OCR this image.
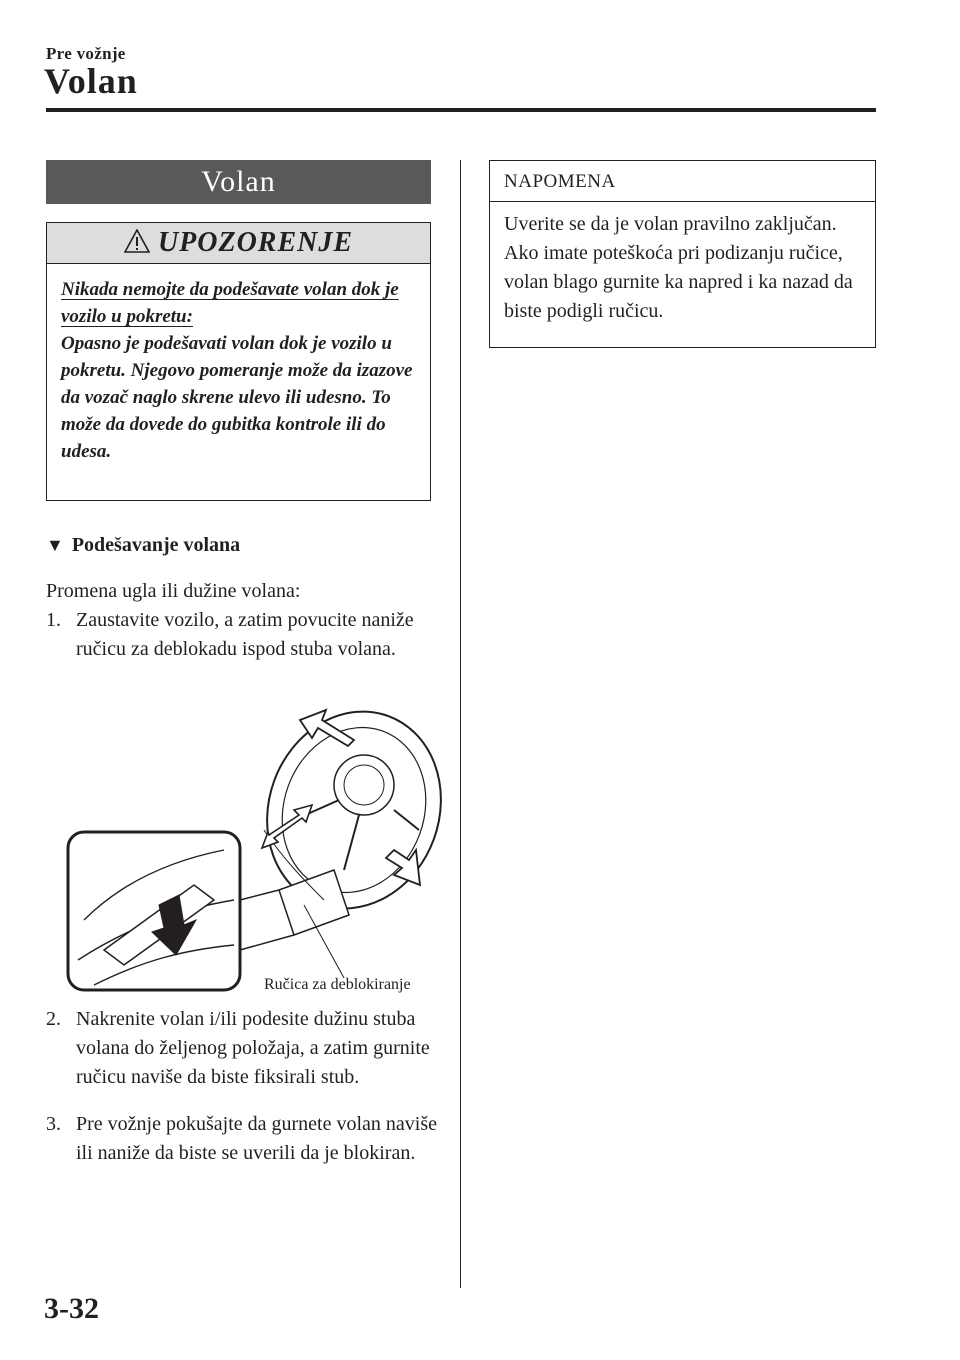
Pre vožnje
Volan
Volan
UPOZORENJE
Nikada nemojte da podešavate volan dok je vozilo u pokretu:
Opasno je podešavati volan dok je vozilo u pokretu. Njegovo pomeranje može da izazove da vozač naglo skrene ulevo ili udesno. To može da dovede do gubitka kontrole ili do udesa.
▼ Podešavanje volana
Promena ugla ili dužine volana:
1. Zaustavite vozilo, a zatim povucite naniže ručicu za deblokadu ispod stuba volana.
Ručica za deblokiranje
2. Nakrenite volan i/ili podesite dužinu stuba volana do željenog položaja, a zatim gurnite ručicu naviše da biste fiksirali stub.
3. Pre vožnje pokušajte da gurnete volan naviše ili naniže da biste se uverili da je blokiran.
NAPOMENA
Uverite se da je volan pravilno zaključan. Ako imate poteškoća pri podizanju ručice, volan blago gurnite ka napred i ka nazad da biste podigli ručicu.
3-32
